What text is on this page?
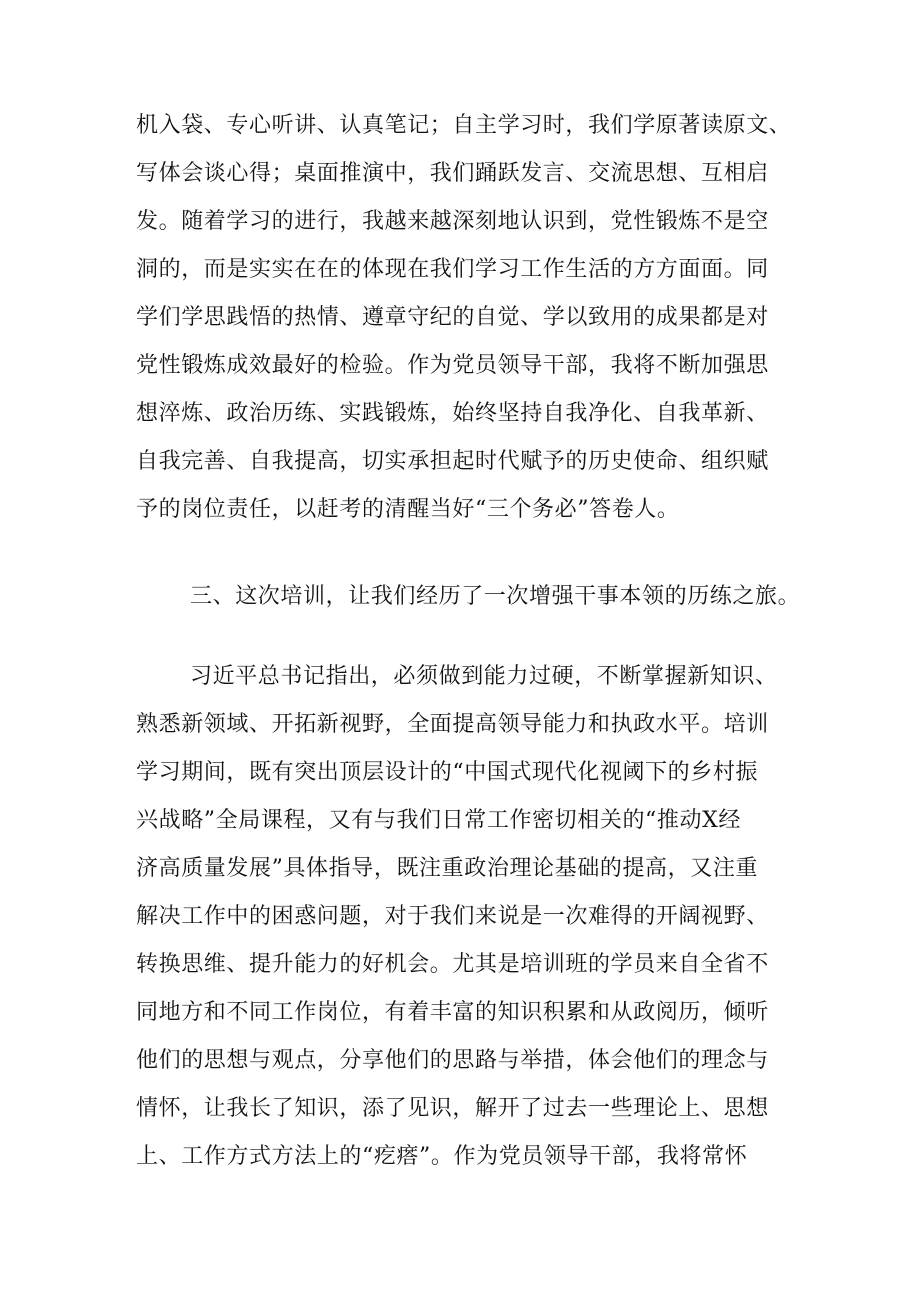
机入袋、专心听讲、认真笔记；自主学习时，我们学原著读原文、
写体会谈心得；桌面推演中，我们踊跃发言、交流思想、互相启
发。随着学习的进行，我越来越深刻地认识到，党性锻炼不是空
洞的，而是实实在在的体现在我们学习工作生活的方方面面。同
学们学思践悟的热情、遵章守纪的自觉、学以致用的成果都是对
党性锻炼成效最好的检验。作为党员领导干部，我将不断加强思
想淬炼、政治历练、实践锻炼，始终坚持自我净化、自我革新、
自我完善、自我提高，切实承担起时代赋予的历史使命、组织赋
予的岗位责任，以赶考的清醒当好“三个务必”答卷人。
三、这次培训，让我们经历了一次增强干事本领的历练之旅。
习近平总书记指出，必须做到能力过硬，不断掌握新知识、
熟悉新领域、开拓新视野，全面提高领导能力和执政水平。培训
学习期间，既有突出顶层设计的“中国式现代化视阈下的乡村振
兴战略”全局课程，又有与我们日常工作密切相关的“推动X经
济高质量发展”具体指导，既注重政治理论基础的提高，又注重
解决工作中的困惑问题，对于我们来说是一次难得的开阔视野、
转换思维、提升能力的好机会。尤其是培训班的学员来自全省不
同地方和不同工作岗位，有着丰富的知识积累和从政阅历，倾听
他们的思想与观点，分享他们的思路与举措，体会他们的理念与
情怀，让我长了知识，添了见识，解开了过去一些理论上、思想
上、工作方式方法上的“疙瘩”。作为党员领导干部，我将常怀
